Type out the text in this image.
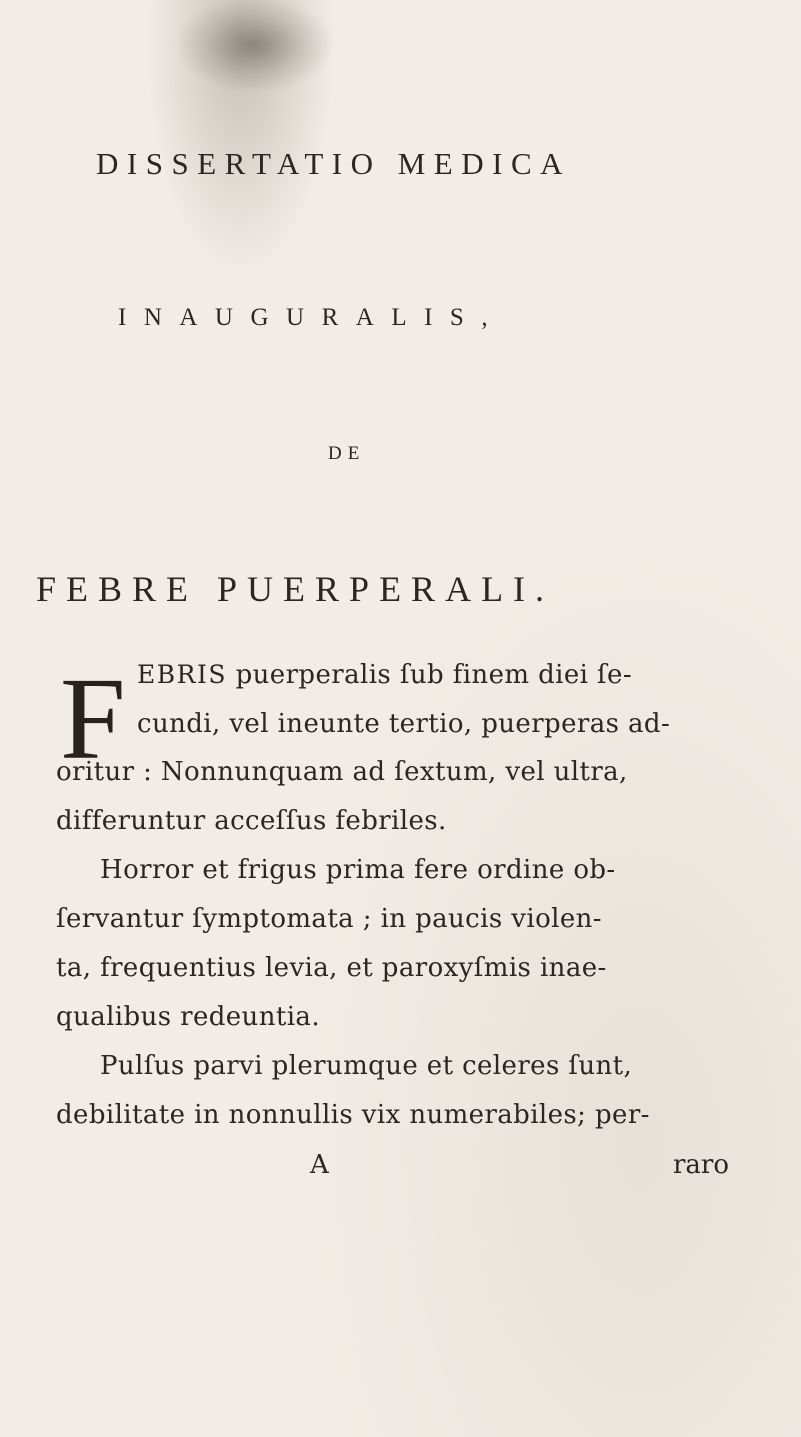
DISSERTATIO MEDICA
INAUGURALIS,
DE
FEBRE PUERPERALI.
F EBRIS puerperalis ſub finem diei ſe-
cundi, vel ineunte tertio, puerperas ad-
oritur : Nonnunquam ad ſextum, vel ultra,
differuntur acceſſus febriles.
Horror et frigus prima fere ordine ob-
ſervantur ſymptomata ; in paucis violen-
ta, frequentius levia, et paroxyſmis inae-
qualibus redeuntia.
Pulſus parvi plerumque et celeres ſunt,
debilitate in nonnullis vix numerabiles; per-
A	raro
